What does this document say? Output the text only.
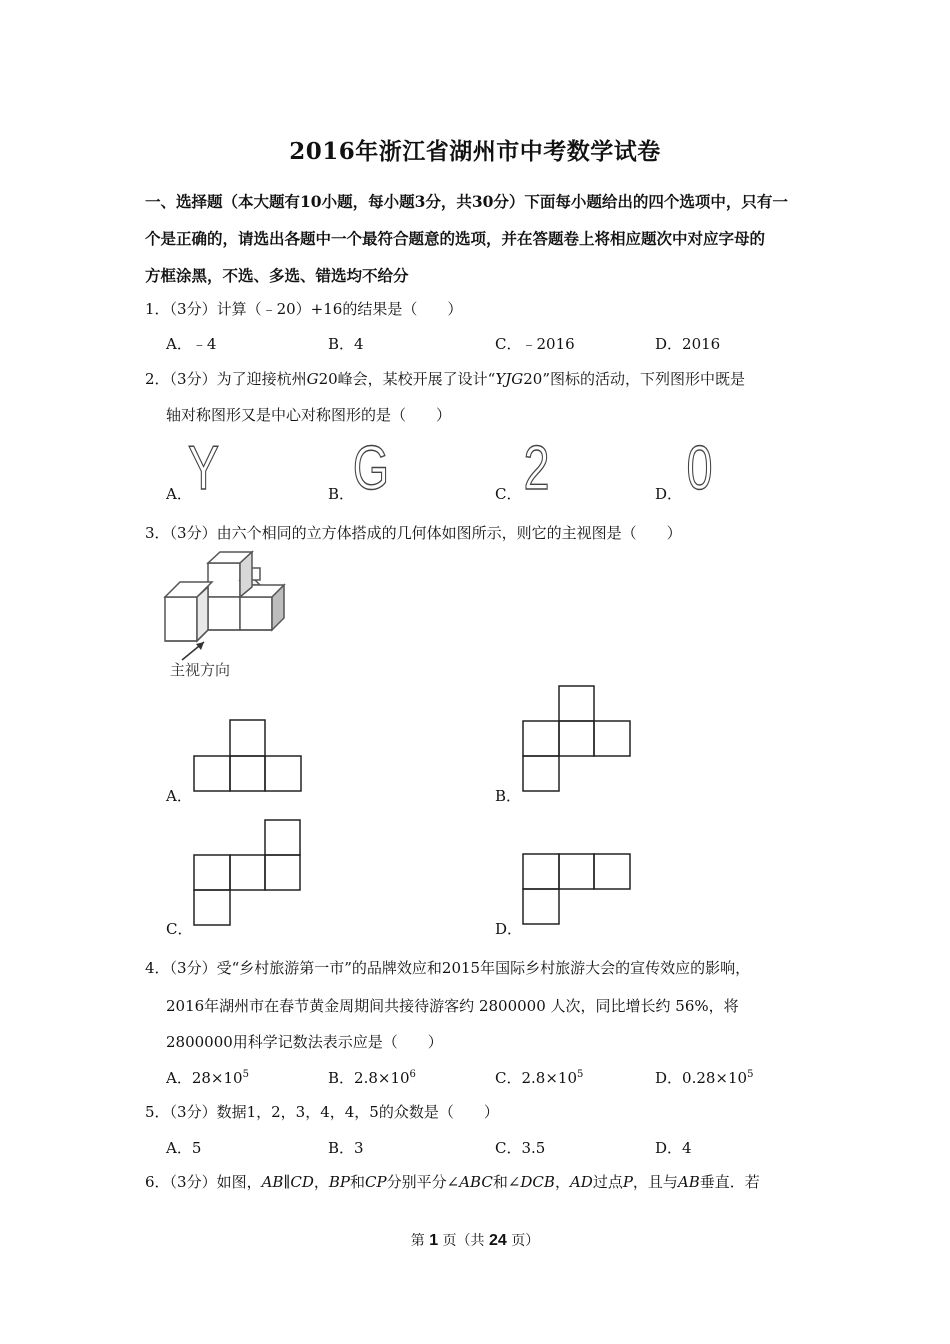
2016年浙江省湖州市中考数学试卷
一、选择题（本大题有10小题，每小题3分，共30分）下面每小题给出的四个选项中，只有一
个是正确的，请选出各题中一个最符合题意的选项，并在答题卷上将相应题次中对应字母的
方框涂黑，不选、多选、错选均不给分
1．（3分）计算（﹣20）+16的结果是（　　）
A．﹣4	B．4	C．﹣2016	D．2016
2．（3分）为了迎接杭州G20峰会，某校开展了设计“YJG20”图标的活动，下列图形中既是
轴对称图形又是中心对称图形的是（　　）
A．	B．	C．	D．
Y G 2 0
3．（3分）由六个相同的立方体搭成的几何体如图所示，则它的主视图是（　　）
主视方向
A．	B．
C．	D．
4．（3分）受“乡村旅游第一市”的品牌效应和2015年国际乡村旅游大会的宣传效应的影响，
2016年湖州市在春节黄金周期间共接待游客约 2800000 人次，同比增长约 56%，将
2800000用科学记数法表示应是（　　）
A．$28\times 10^5$	B．$2.8\times 10^6$	C．$2.8\times 10^5$	D．$0.28\times 10^5$
5．（3分）数据1，2，3，4，4，5的众数是（　　）
A．5	B．3	C．3.5	D．4
6．（3分）如图，AB∥CD，BP和CP分别平分∠ABC和∠DCB，AD过点P，且与AB垂直．若
第 1 页（共 24 页）
